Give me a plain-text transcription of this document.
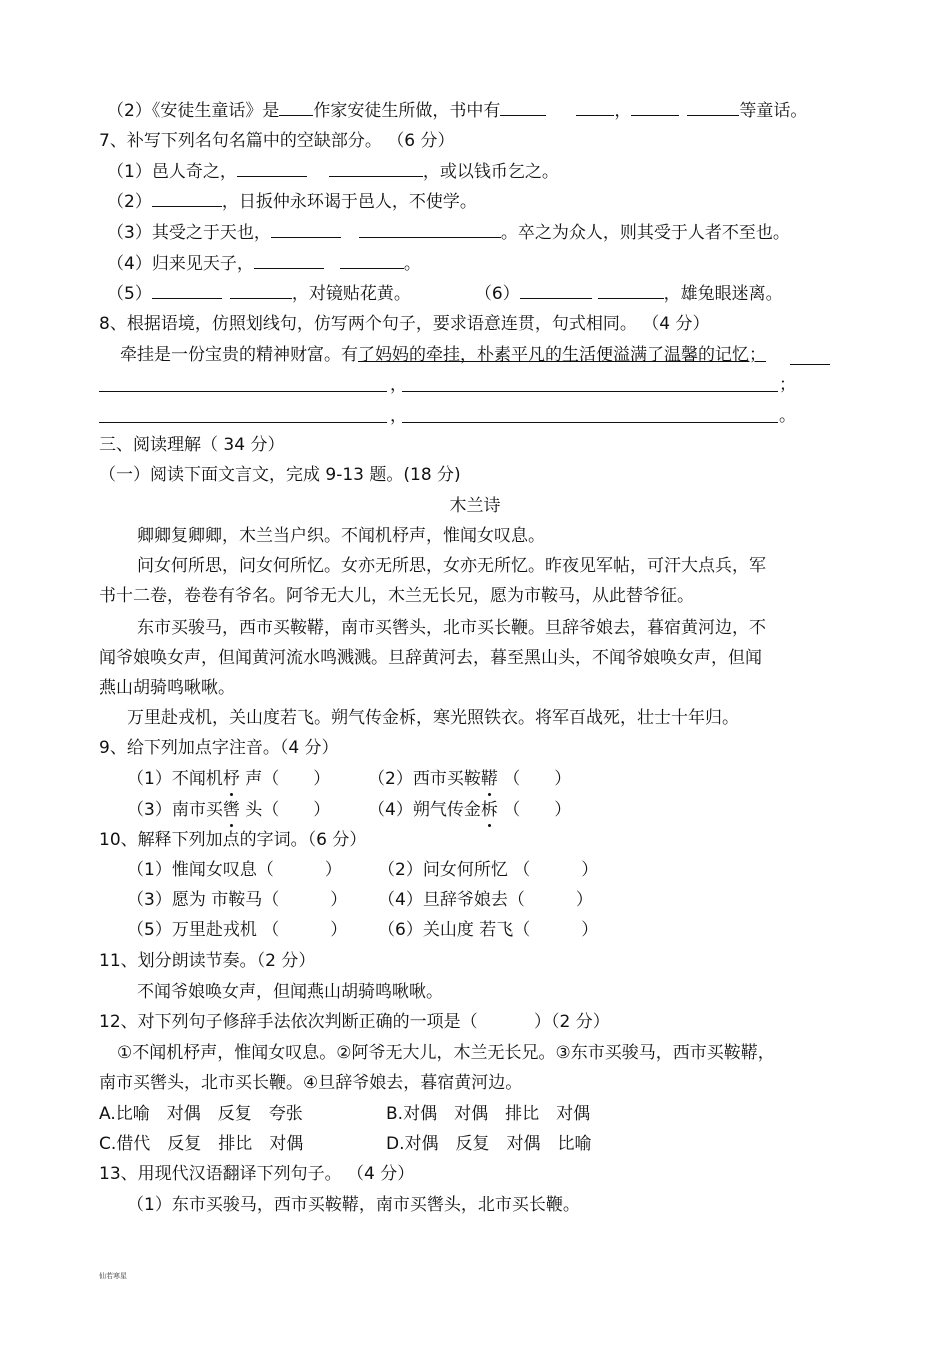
（2）《安徒生童话》是 作家安徒生所做，书中有	，	等童话。
7、补写下列名句名篇中的空缺部分。 （6 分）
（1）邑人奇之，	，或以钱币乞之。
（2）	，日扳仲永环谒于邑人，不使学。
（3）其受之于天也，	。卒之为众人，则其受于人者不至也。
（4）归来见天子，	。
（5）	，对镜贴花黄。	（6）	，雄兔眼迷离。
8、根据语境，仿照划线句，仿写两个句子，要求语意连贯，句式相同。 （4 分）
牵挂是一份宝贵的精神财富。有了妈妈的牵挂，朴素平凡的生活便溢满了温馨的记忆；
，	；
，	。
三、阅读理解（ 34 分）
（一）阅读下面文言文，完成 9-13 题。(18 分)
木兰诗
卿卿复卿卿，木兰当户织。不闻机杼声，惟闻女叹息。
问女何所思，问女何所忆。女亦无所思，女亦无所忆。昨夜见军帖，可汗大点兵，军
书十二卷，卷卷有爷名。阿爷无大儿，木兰无长兄，愿为市鞍马，从此替爷征。
东市买骏马，西市买鞍鞯，南市买辔头，北市买长鞭。旦辞爷娘去，暮宿黄河边，不
闻爷娘唤女声，但闻黄河流水鸣溅溅。旦辞黄河去，暮至黑山头，不闻爷娘唤女声，但闻
燕山胡骑鸣啾啾。
万里赴戎机，关山度若飞。朔气传金柝，寒光照铁衣。将军百战死，壮士十年归。
9、给下列加点字注音。（4 分）
（1）不闻机杼 声（　　） （2）西市买鞍鞯 （　　）
（3）南市买辔 头（　　） （4）朔气传金柝 （　　）
10、解释下列加点的字词。（6 分）
（1）惟闻女叹息（　　　） （2）问女何所忆 （　　　）
（3）愿为 市鞍马（　　　） （4）旦辞爷娘去（　　　）
（5）万里赴戎机 （　　　） （6）关山度 若飞（　　　）
11、划分朗读节奏。（2 分）
不闻爷娘唤女声，但闻燕山胡骑鸣啾啾。
12、对下列句子修辞手法依次判断正确的一项是（　　　 ）（2 分）
①不闻机杼声，惟闻女叹息。②阿爷无大儿，木兰无长兄。③东市买骏马，西市买鞍鞯，
南市买辔头，北市买长鞭。④旦辞爷娘去，暮宿黄河边。
A.比喻　对偶　反复　夸张	B.对偶　对偶　排比　对偶
C.借代　反复　排比　对偶	D.对偶　反复　对偶　比喻
13、用现代汉语翻译下列句子。 （4 分）
（1）东市买骏马，西市买鞍鞯，南市买辔头，北市买长鞭。
仙若寒星
